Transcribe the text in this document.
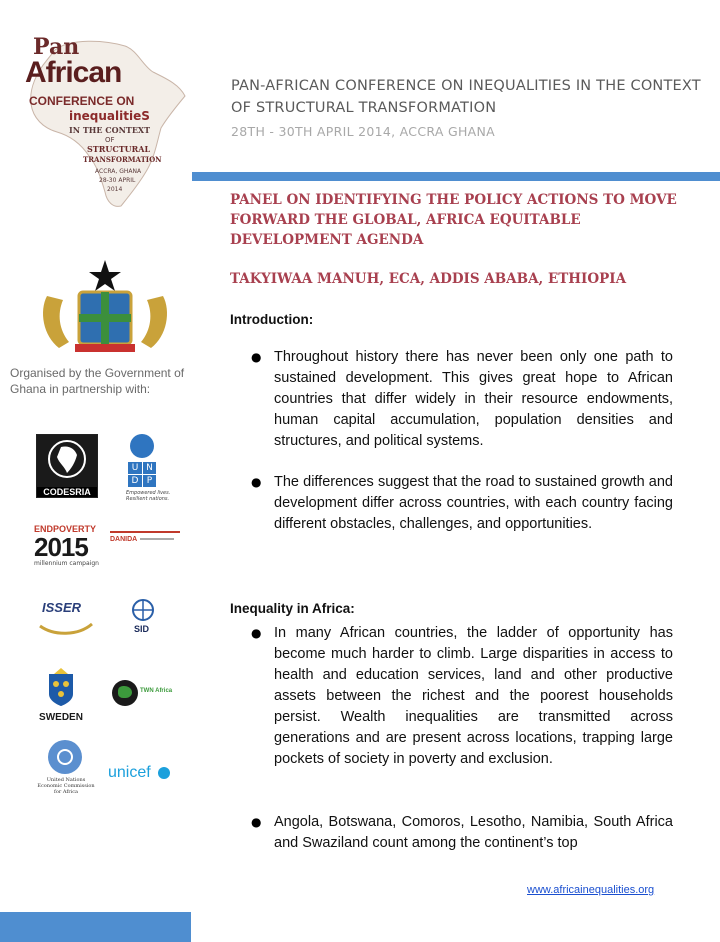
Pan
African
CONFERENCE ON
inequalitieS
IN THE CONTEXT
OF
STRUCTURAL
TRANSFORMATION
ACCRA, GHANA
28-30 APRIL
2014
PAN-AFRICAN CONFERENCE ON INEQUALITIES IN THE CONTEXT OF STRUCTURAL TRANSFORMATION
28TH - 30TH APRIL 2014, ACCRA GHANA
Organised by the Government of Ghana in partnership with:
CODESRIA
U N
D P
Empowered lives. Resilient nations.
ENDPOVERTY
2015
millennium campaign
DANIDA
ISSER
SID
SWEDEN
TWN Africa
United Nations Economic Commission for Africa
unicef
PANEL ON IDENTIFYING THE POLICY ACTIONS TO MOVE FORWARD THE GLOBAL, AFRICA EQUITABLE DEVELOPMENT AGENDA
TAKYIWAA MANUH, ECA, ADDIS ABABA, ETHIOPIA
Introduction:
● Throughout history there has never been only one path to sustained development. This gives great hope to African countries that differ widely in their resource endowments, human capital accumulation, population densities and structures, and political systems.
● The differences suggest that the road to sustained growth and development differ across countries, with each country facing different obstacles, challenges, and opportunities.
Inequality in Africa:
● In many African countries, the ladder of opportunity has become much harder to climb. Large disparities in access to health and education services, land and other productive assets between the richest and the poorest households persist. Wealth inequalities are transmitted across generations and are present across locations, trapping large pockets of society in poverty and exclusion.
● Angola, Botswana, Comoros, Lesotho, Namibia, South Africa and Swaziland count among the continent’s top
www.africainequalities.org
